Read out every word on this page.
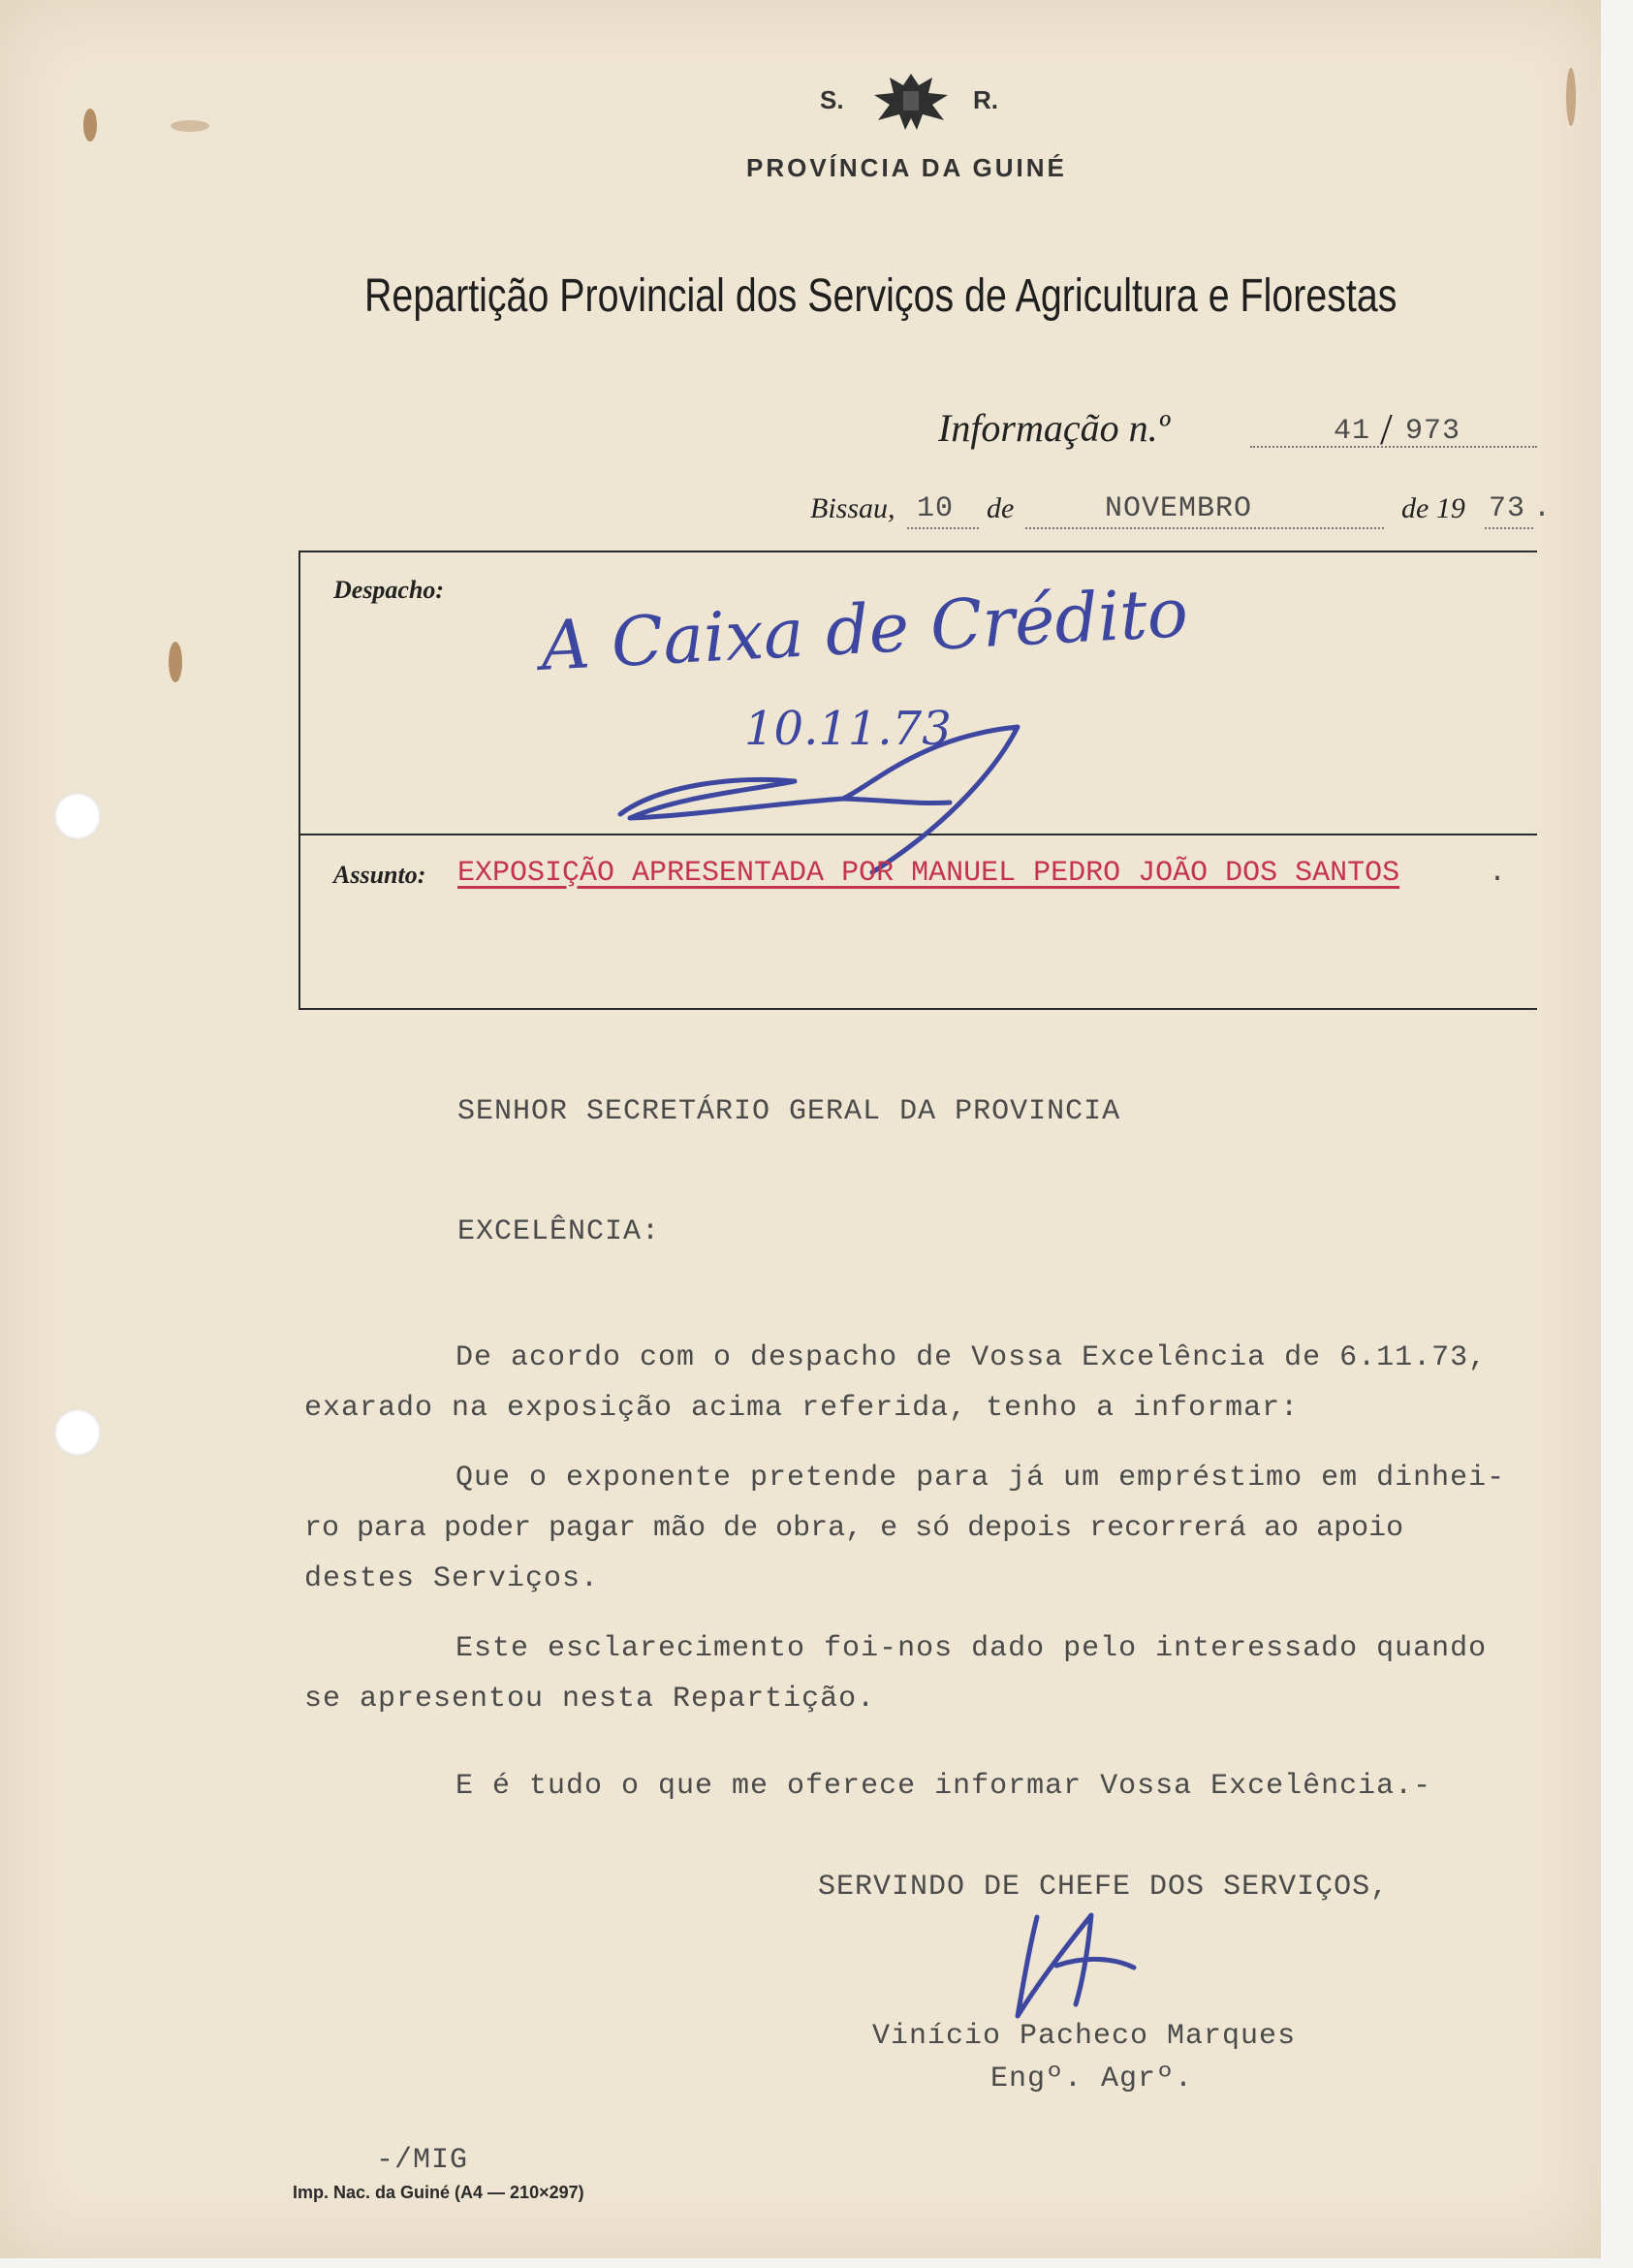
S.	R.
PROVÍNCIA DA GUINÉ
Repartição Provincial dos Serviços de Agricultura e Florestas
Informação n.º	41 / 973
Bissau, 10 de	NOVEMBRO	de 19 73 .
Despacho: A Caixa de Crédito
10.11.73
Assunto: EXPOSIÇÃO APRESENTADA POR MANUEL PEDRO JOÃO DOS SANTOS	.
SENHOR SECRETÁRIO GERAL DA PROVINCIA
EXCELÊNCIA:
De acordo com o despacho de Vossa Excelência de 6.11.73,
exarado na exposição acima referida, tenho a informar:
Que o exponente pretende para já um empréstimo em dinhei-
ro para poder pagar mão de obra, e só depois recorrerá ao apoio
destes Serviços.
Este esclarecimento foi-nos dado pelo interessado quando
se apresentou nesta Repartição.
E é tudo o que me oferece informar Vossa Excelência.-
SERVINDO DE CHEFE DOS SERVIÇOS,
Vinício Pacheco Marques
Engº. Agrº.
-/MIG
Imp. Nac. da Guiné (A4 — 210×297)
